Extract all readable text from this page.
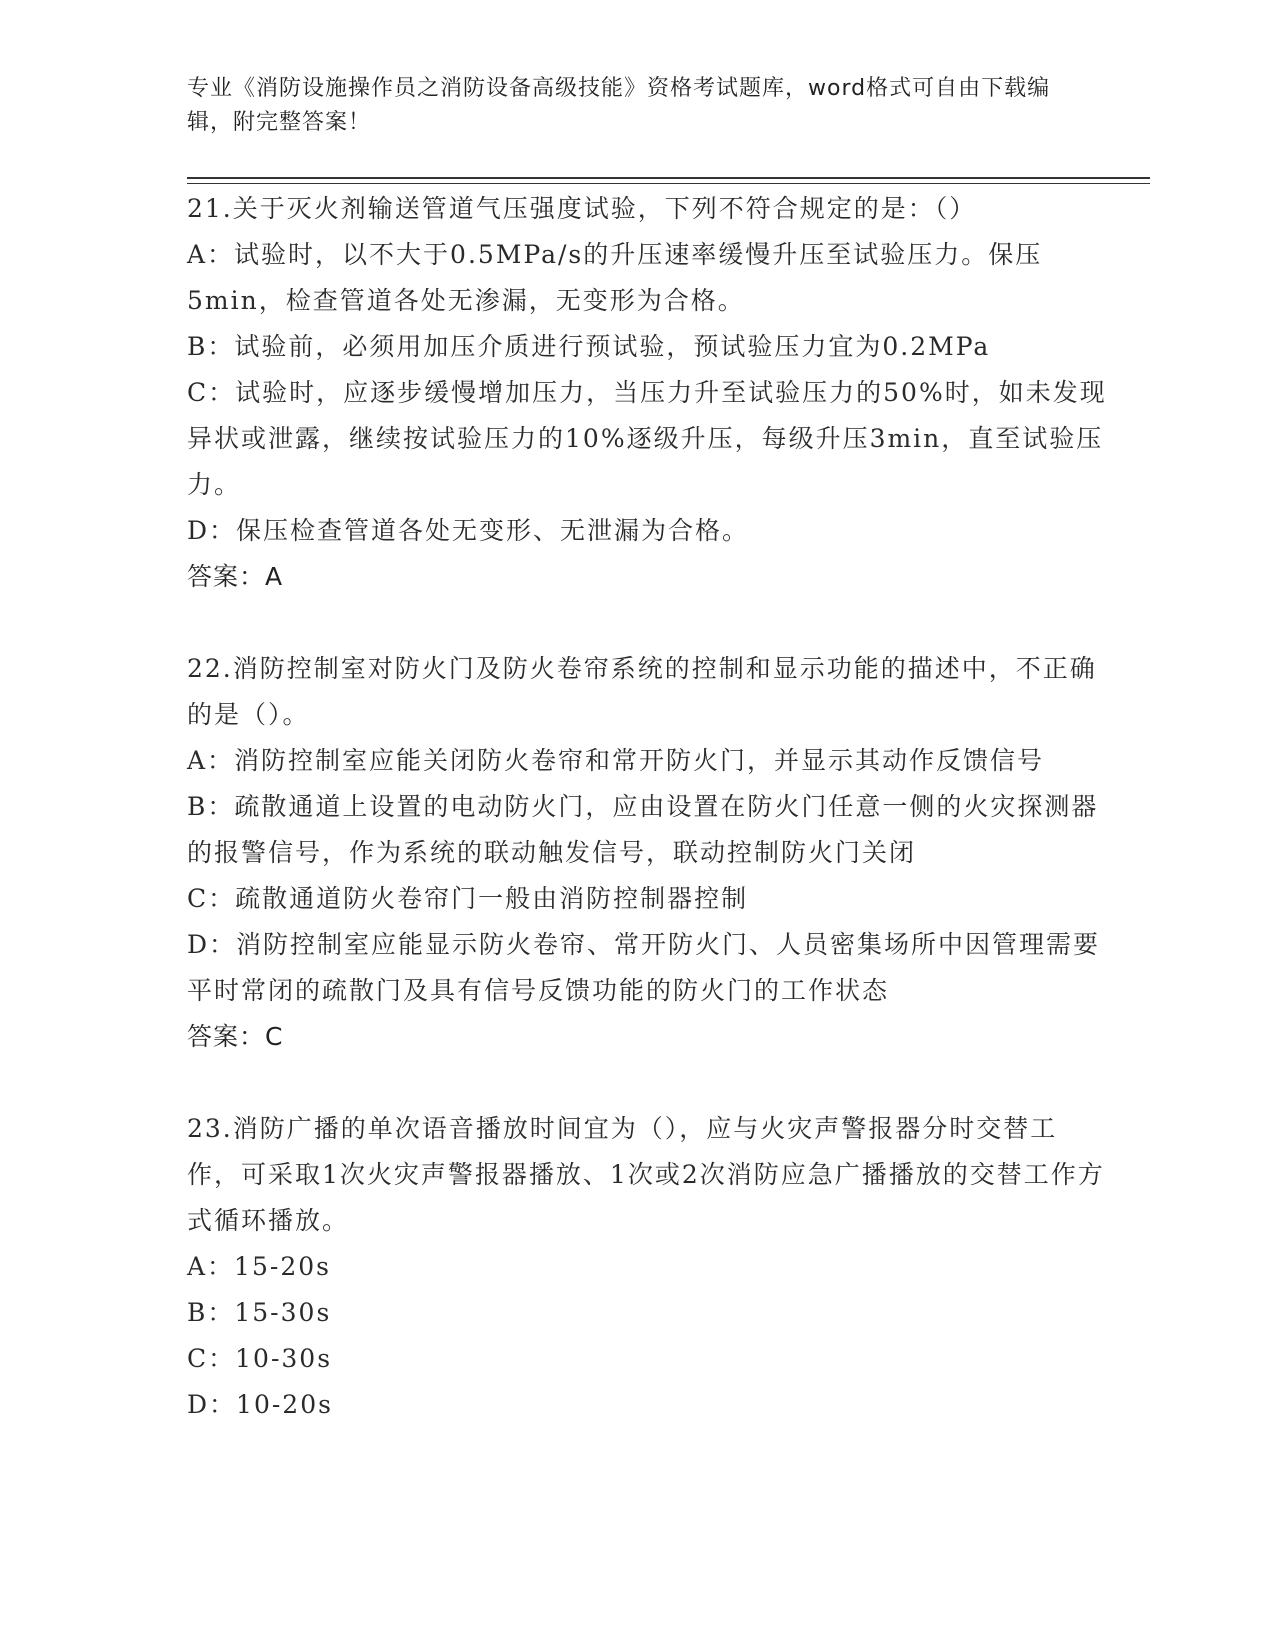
专业《消防设施操作员之消防设备高级技能》资格考试题库，word格式可自由下载编辑，附完整答案！
21.关于灭火剂输送管道气压强度试验，下列不符合规定的是：（）
A：试验时，以不大于0.5MPa/s的升压速率缓慢升压至试验压力。保压5min，检查管道各处无渗漏，无变形为合格。
B：试验前，必须用加压介质进行预试验，预试验压力宜为0.2MPa
C：试验时，应逐步缓慢增加压力，当压力升至试验压力的50%时，如未发现异状或泄露，继续按试验压力的10%逐级升压，每级升压3min，直至试验压力。
D：保压检查管道各处无变形、无泄漏为合格。
答案：A
22.消防控制室对防火门及防火卷帘系统的控制和显示功能的描述中，不正确的是（）。
A：消防控制室应能关闭防火卷帘和常开防火门，并显示其动作反馈信号
B：疏散通道上设置的电动防火门，应由设置在防火门任意一侧的火灾探测器的报警信号，作为系统的联动触发信号，联动控制防火门关闭
C：疏散通道防火卷帘门一般由消防控制器控制
D：消防控制室应能显示防火卷帘、常开防火门、人员密集场所中因管理需要平时常闭的疏散门及具有信号反馈功能的防火门的工作状态
答案：C
23.消防广播的单次语音播放时间宜为（），应与火灾声警报器分时交替工作，可采取1次火灾声警报器播放、1次或2次消防应急广播播放的交替工作方式循环播放。
A：15-20s
B：15-30s
C：10-30s
D：10-20s
